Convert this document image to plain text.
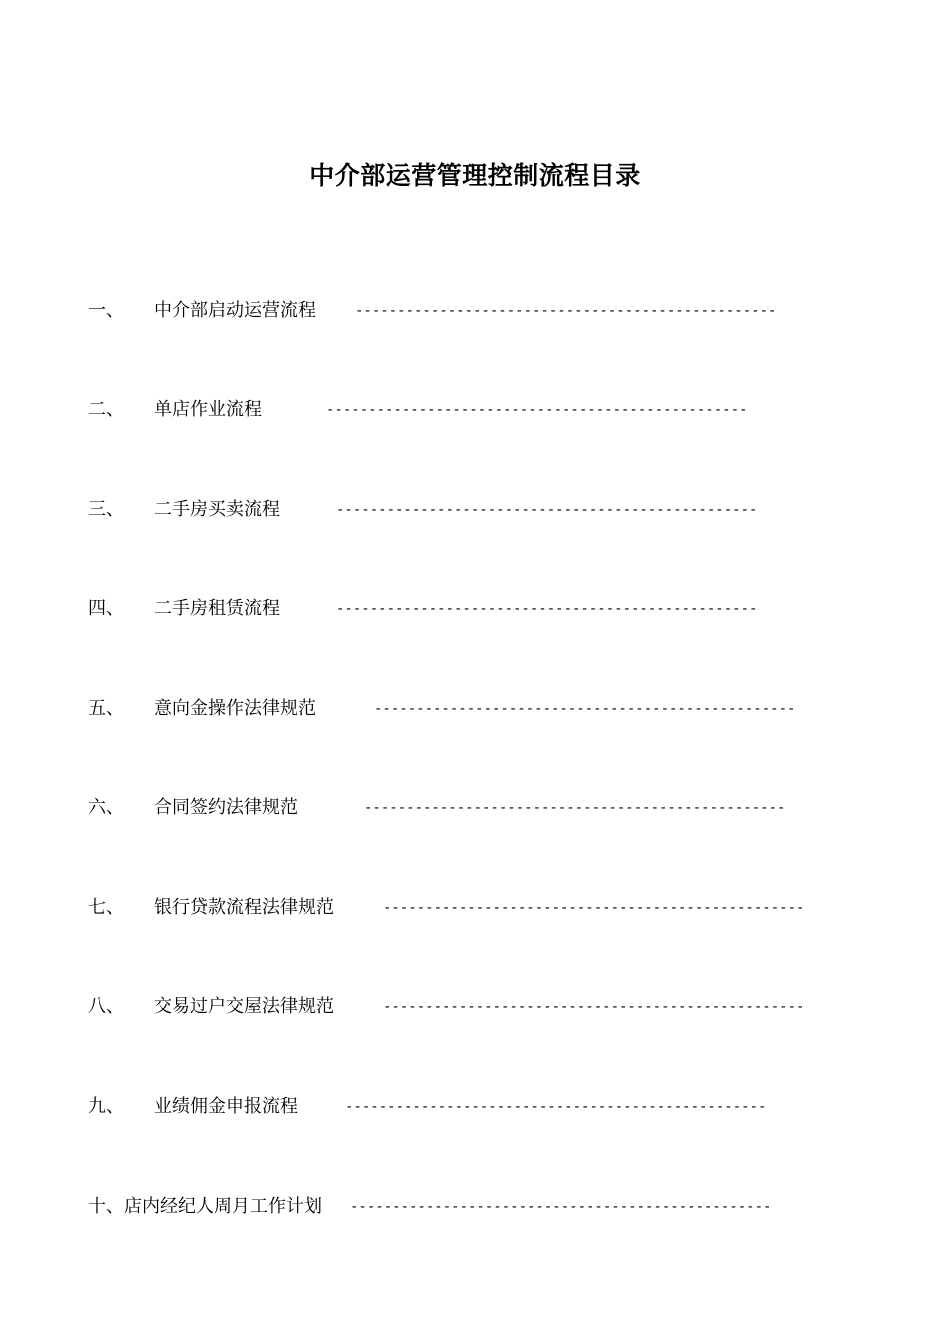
中介部运营管理控制流程目录
一、 中介部启动运营流程	--------------------------------------------------
二、 单店作业流程	--------------------------------------------------
三、 二手房买卖流程	--------------------------------------------------
四、 二手房租赁流程	--------------------------------------------------
五、 意向金操作法律规范	--------------------------------------------------
六、 合同签约法律规范	--------------------------------------------------
七、 银行贷款流程法律规范	--------------------------------------------------
八、 交易过户交屋法律规范	--------------------------------------------------
九、 业绩佣金申报流程	--------------------------------------------------
十、 店内经纪人周月工作计划 --------------------------------------------------
